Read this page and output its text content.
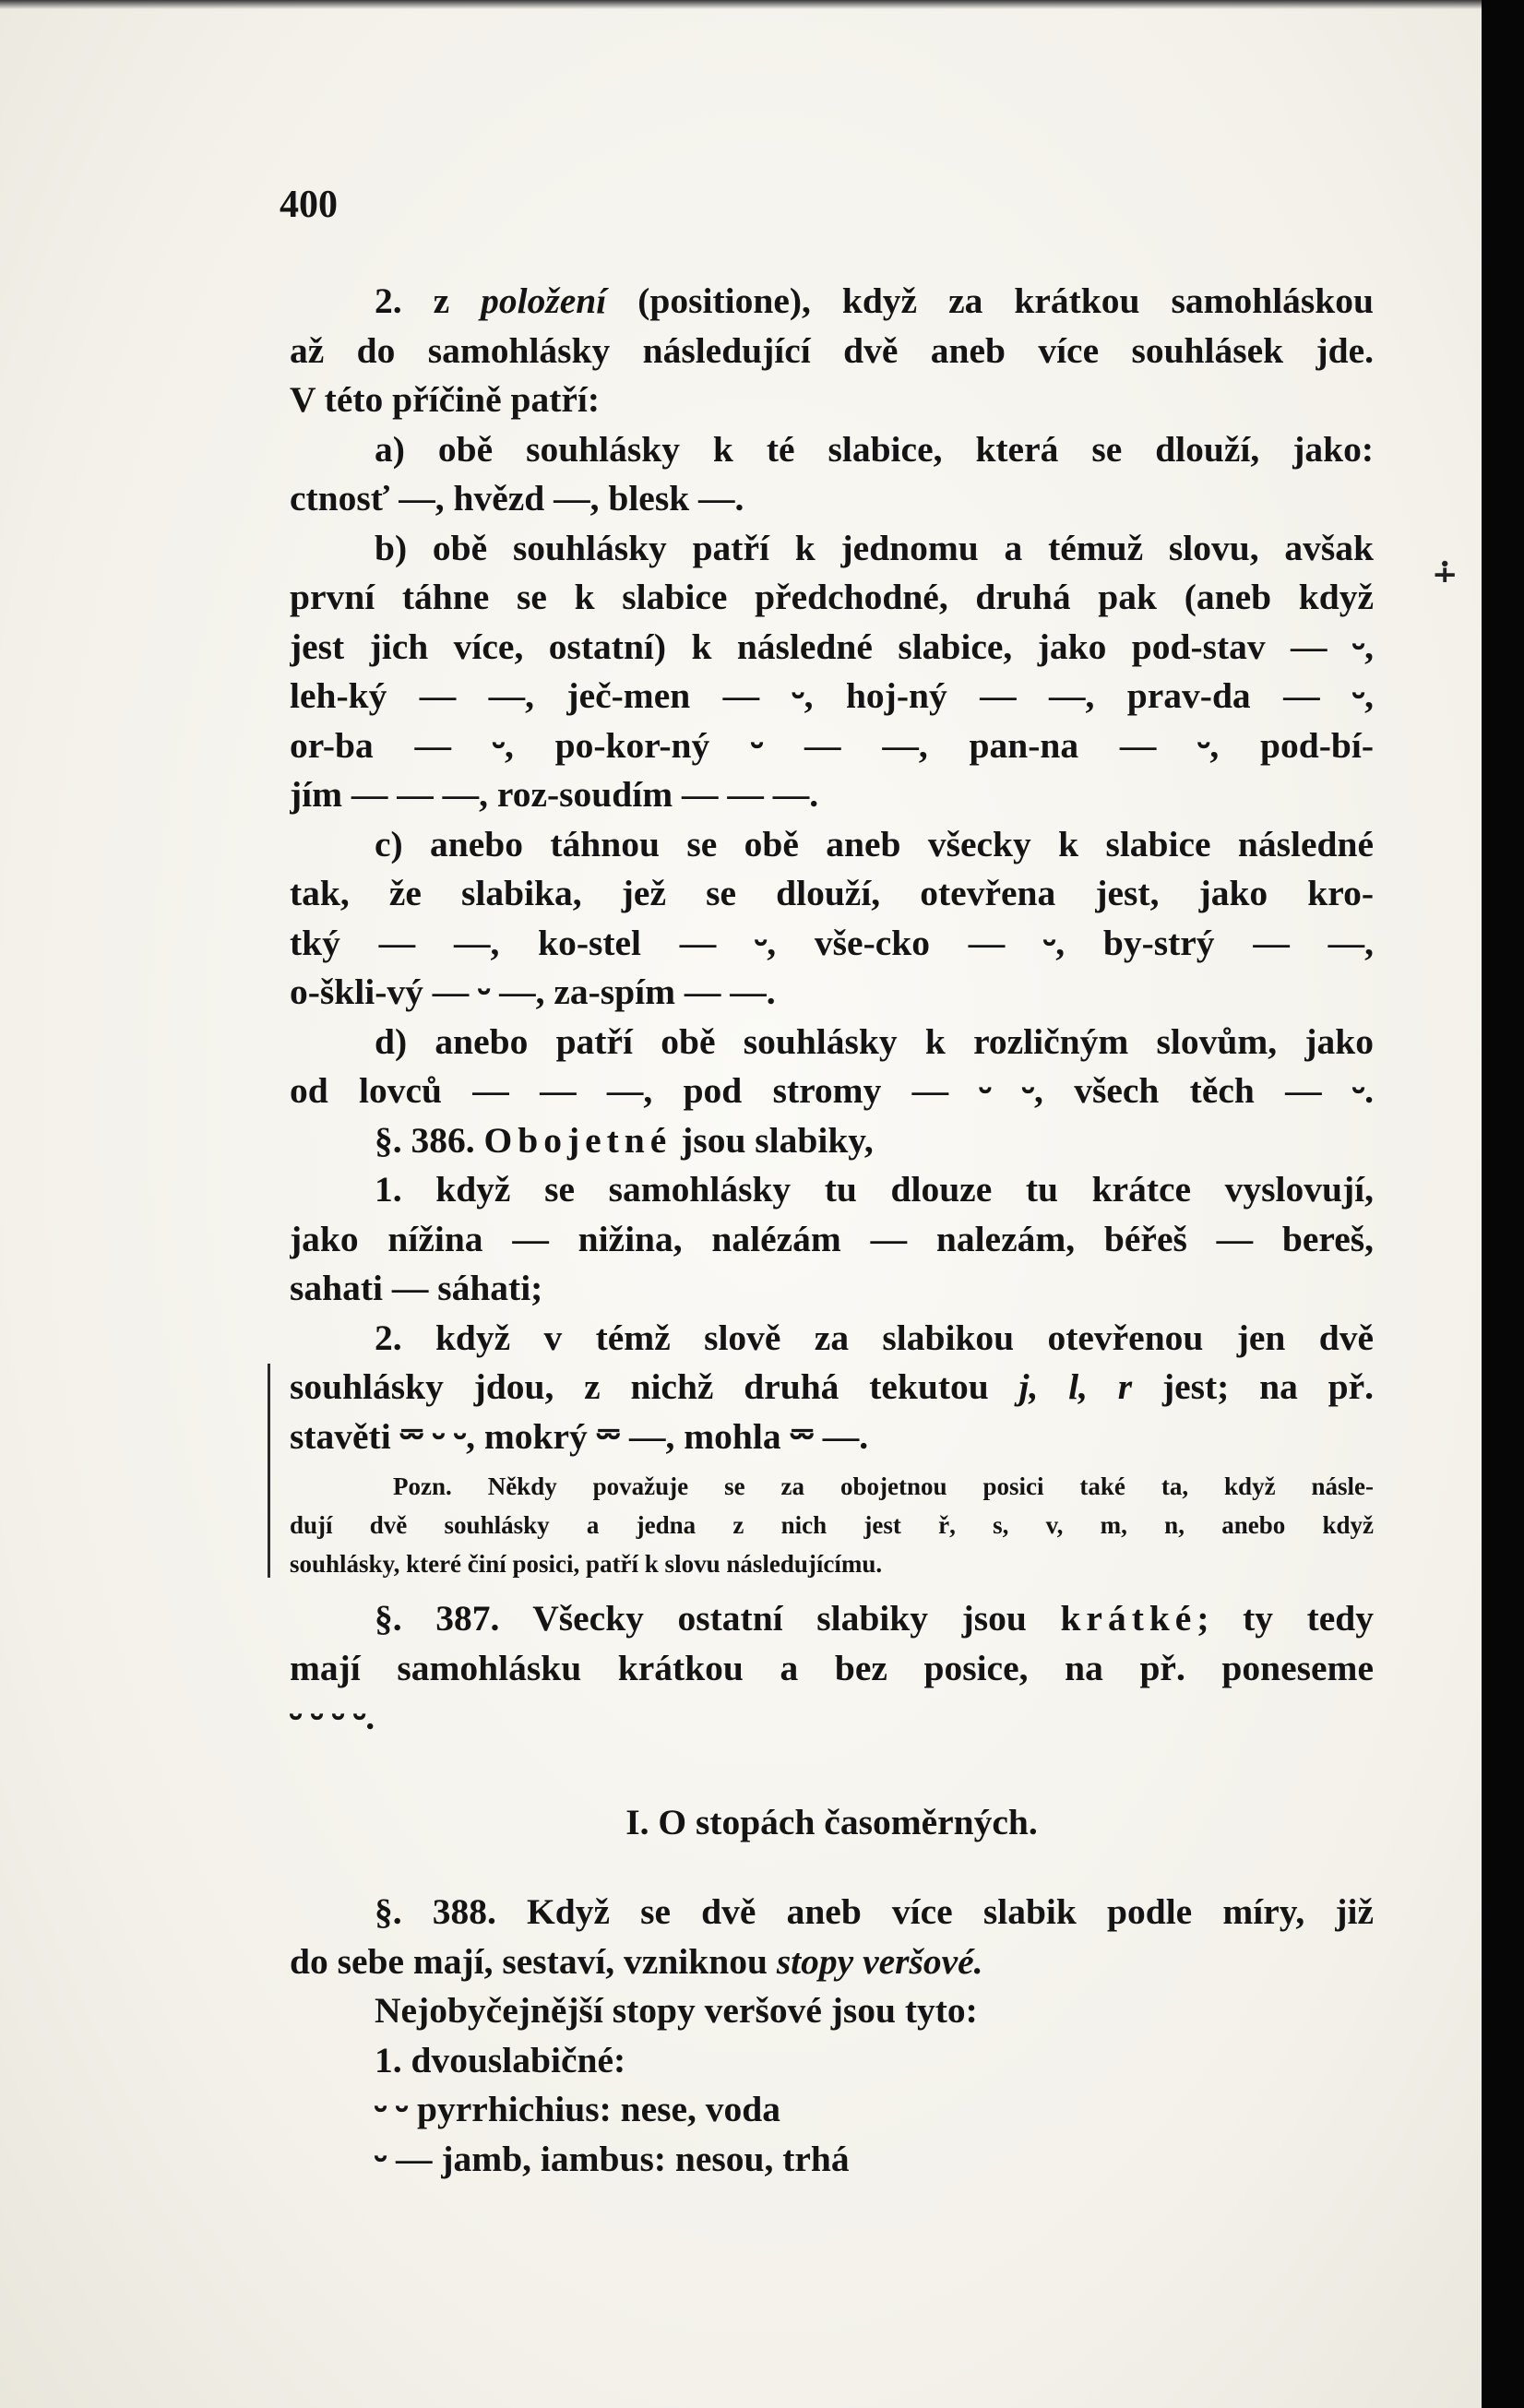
400
∔
2. z položení (positione), když za krátkou samohláskou
až do samohlásky následující dvě aneb více souhlásek jde.
V této příčině patří:
a) obě souhlásky k té slabice, která se dlouží, jako:
ctnosť —, hvězd —, blesk —.
b) obě souhlásky patří k jednomu a témuž slovu, avšak
první táhne se k slabice předchodné, druhá pak (aneb když
jest jich více, ostatní) k následné slabice, jako pod-stav — ⏑,
leh-ký — —, ječ-men — ⏑, hoj-ný — —, prav-da — ⏑,
or-ba — ⏑, po-kor-ný ⏑ — —, pan-na — ⏑, pod-bí-
jím — — —, roz-soudím — — —.
c) anebo táhnou se obě aneb všecky k slabice následné
tak, že slabika, jež se dlouží, otevřena jest, jako kro-
tký — —, ko-stel — ⏑, vše-cko — ⏑, by-strý — —,
o-škli-vý — ⏑ —, za-spím — —.
d) anebo patří obě souhlásky k rozličným slovům, jako
od lovců — — —, pod stromy — ⏑ ⏑, všech těch — ⏑.
§. 386. Obojetné jsou slabiky,
1. když se samohlásky tu dlouze tu krátce vyslovují,
jako nížina — nižina, nalézám — nalezám, béřeš — bereš,
sahati — sáhati;
2. když v témž slově za slabikou otevřenou jen dvě
souhlásky jdou, z nichž druhá tekutou j, l, r jest; na př.
stavěti ⏔ ⏑ ⏑, mokrý ⏔ —, mohla ⏔ —.
Pozn. Někdy považuje se za obojetnou posici také ta, když násle-
dují dvě souhlásky a jedna z nich jest ř, s, v, m, n, anebo když
souhlásky, které činí posici, patří k slovu následujícímu.
§. 387. Všecky ostatní slabiky jsou krátké; ty tedy
mají samohlásku krátkou a bez posice, na př. poneseme
⏑ ⏑ ⏑ ⏑.
I. O stopách časoměrných.
§. 388. Když se dvě aneb více slabik podle míry, již
do sebe mají, sestaví, vzniknou stopy veršové.
Nejobyčejnější stopy veršové jsou tyto:
1. dvouslabičné:
⏑ ⏑ pyrrhichius: nese, voda
⏑ — jamb, iambus: nesou, trhá
